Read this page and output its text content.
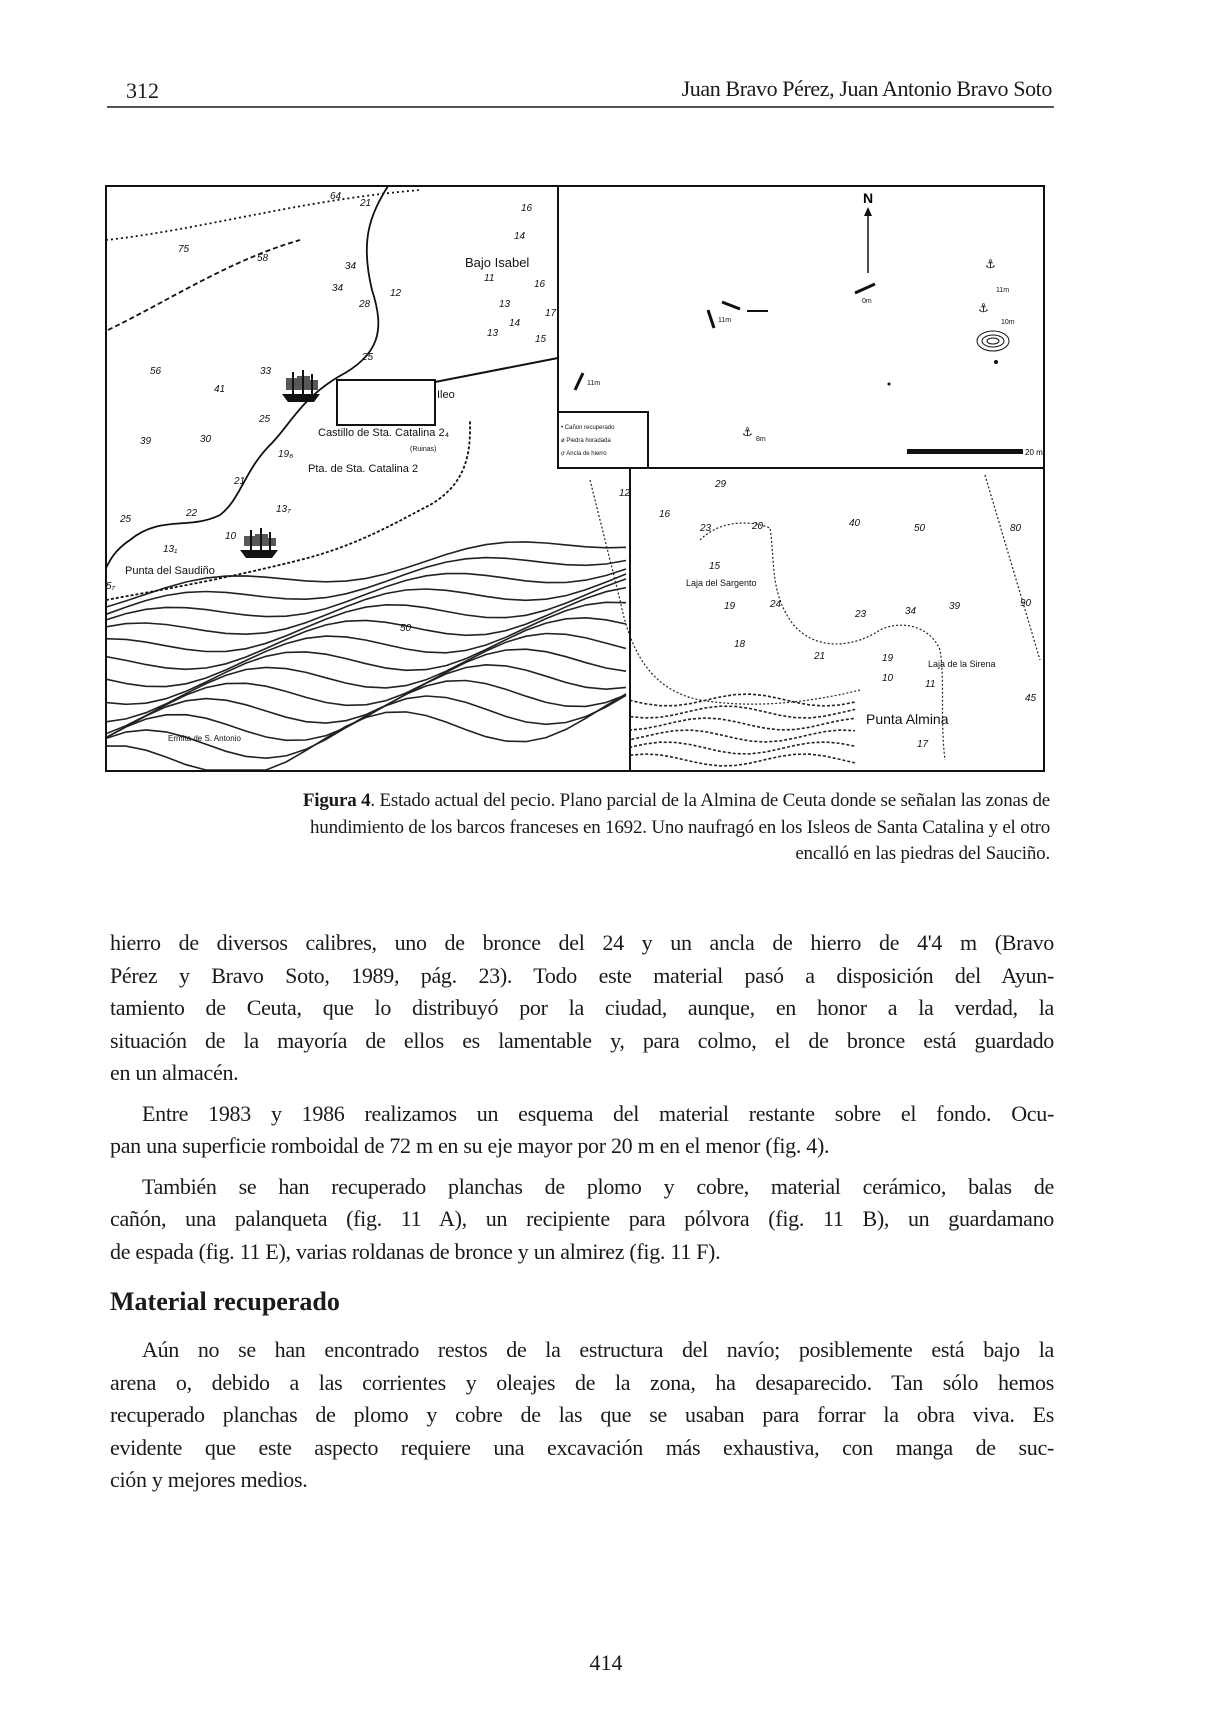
312	Juan Bravo Pérez, Juan Antonio Bravo Soto
75
58
56
41
25
39	30
33
25
34
34
28
64
21
12
13
14
13
15
17
16
16
14
11
19₆
21
25
22	13₇
10
13₁
5₇
50
29
16
23	20
12
40	50	80
15
19	24
23	34	39	90
18
21	19
10
11
17
45
Bajo Isabel
Castillo de Sta. Catalina 2₄
(Ruinas)
Pta. de Sta. Catalina 2
Ileo
Punta del Saudiño
Ermita de S. Antonio
Laja del Sargento
Laja de la Sirena
Punta Almina
N
20 m
• Cañon recuperado
ø Piedra horadada
ợ Ancla de hierro
11m
0m
⚓
11m
⚓
10m
11m
⚓
8m
Figura 4. Estado actual del pecio. Plano parcial de la Almina de Ceuta donde se señalan las zonas de
hundimiento de los barcos franceses en 1692. Uno naufragó en los Isleos de Santa Catalina y el otro
encalló en las piedras del Sauciño.
hierro de diversos calibres, uno de bronce del 24 y un ancla de hierro de 4'4 m (Bravo
Pérez y Bravo Soto, 1989, pág. 23). Todo este material pasó a disposición del Ayun-
tamiento de Ceuta, que lo distribuyó por la ciudad, aunque, en honor a la verdad, la
situación de la mayoría de ellos es lamentable y, para colmo, el de bronce está guardado
en un almacén.
Entre 1983 y 1986 realizamos un esquema del material restante sobre el fondo. Ocu-
pan una superficie romboidal de 72 m en su eje mayor por 20 m en el menor (fig. 4).
También se han recuperado planchas de plomo y cobre, material cerámico, balas de
cañón, una palanqueta (fig. 11 A), un recipiente para pólvora (fig. 11 B), un guardamano
de espada (fig. 11 E), varias roldanas de bronce y un almirez (fig. 11 F).
Material recuperado
Aún no se han encontrado restos de la estructura del navío; posiblemente está bajo la
arena o, debido a las corrientes y oleajes de la zona, ha desaparecido. Tan sólo hemos
recuperado planchas de plomo y cobre de las que se usaban para forrar la obra viva. Es
evidente que este aspecto requiere una excavación más exhaustiva, con manga de suc-
ción y mejores medios.
414
